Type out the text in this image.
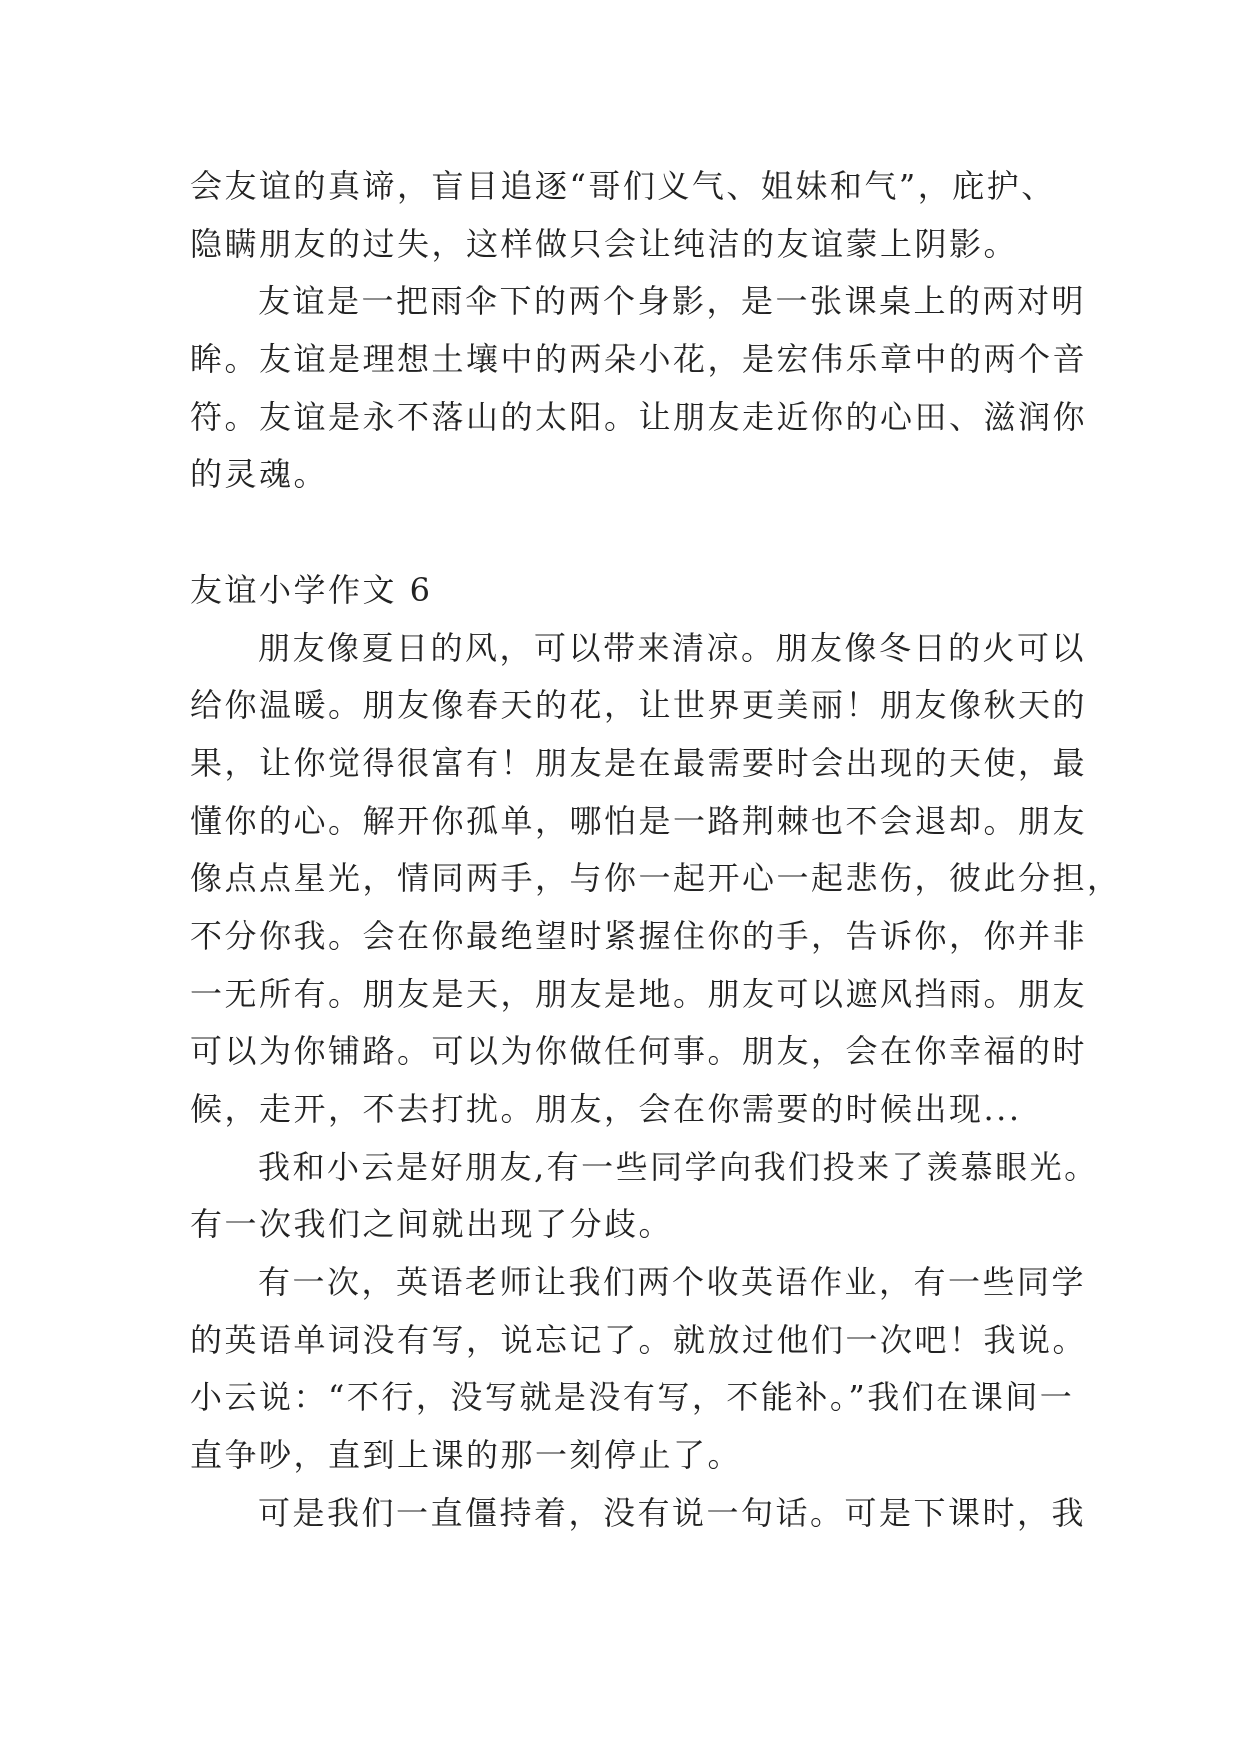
会友谊的真谛，盲目追逐“哥们义气、姐妹和气”，庇护、
隐瞒朋友的过失，这样做只会让纯洁的友谊蒙上阴影。
友谊是一把雨伞下的两个身影，是一张课桌上的两对明
眸。友谊是理想土壤中的两朵小花，是宏伟乐章中的两个音
符。友谊是永不落山的太阳。让朋友走近你的心田、滋润你
的灵魂。
友谊小学作文 6
朋友像夏日的风，可以带来清凉。朋友像冬日的火可以
给你温暖。朋友像春天的花，让世界更美丽！朋友像秋天的
果，让你觉得很富有！朋友是在最需要时会出现的天使，最
懂你的心。解开你孤单，哪怕是一路荆棘也不会退却。朋友
像点点星光，情同两手，与你一起开心一起悲伤，彼此分担，
不分你我。会在你最绝望时紧握住你的手，告诉你，你并非
一无所有。朋友是天，朋友是地。朋友可以遮风挡雨。朋友
可以为你铺路。可以为你做任何事。朋友，会在你幸福的时
候，走开，不去打扰。朋友，会在你需要的时候出现...
我和小云是好朋友,有一些同学向我们投来了羡慕眼光。
有一次我们之间就出现了分歧。
有一次，英语老师让我们两个收英语作业，有一些同学
的英语单词没有写，说忘记了。就放过他们一次吧！我说。
小云说：“不行，没写就是没有写，不能补。”我们在课间一
直争吵，直到上课的那一刻停止了。
可是我们一直僵持着，没有说一句话。可是下课时，我
